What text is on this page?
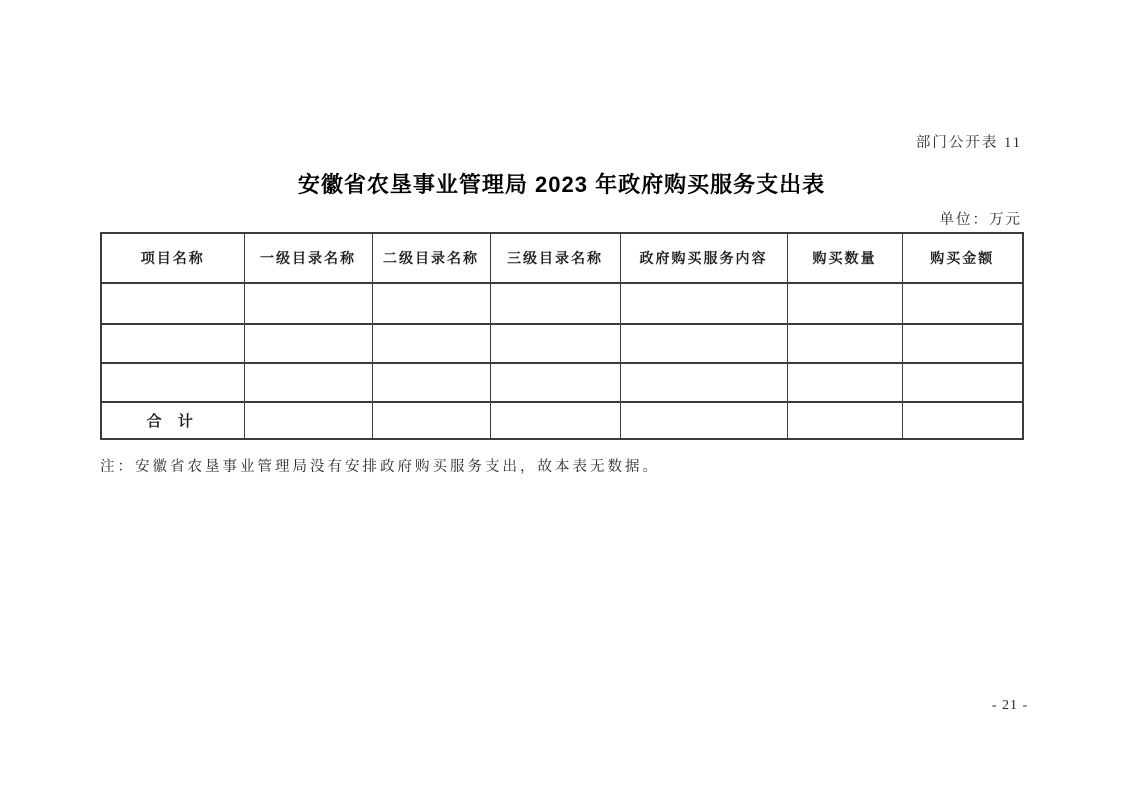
部门公开表 11
安徽省农垦事业管理局 2023 年政府购买服务支出表
单位：万元
项目名称	一级目录名称	二级目录名称	三级目录名称	政府购买服务内容	购买数量	购买金额

合 计						
注：安徽省农垦事业管理局没有安排政府购买服务支出，故本表无数据。
- 21 -
